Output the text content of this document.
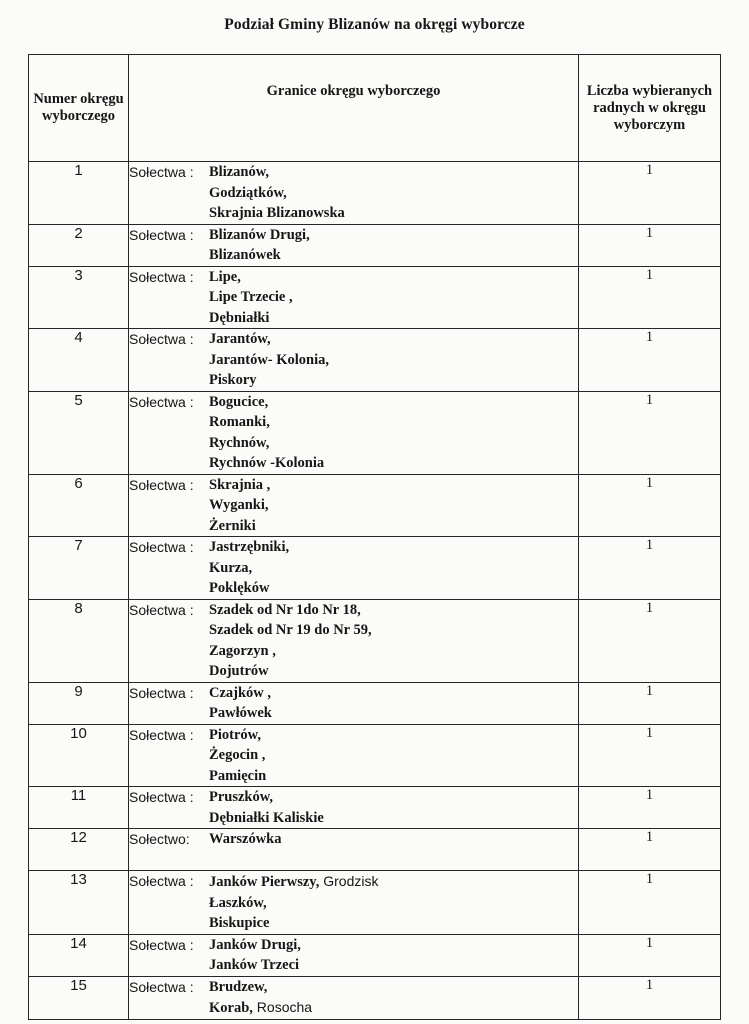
Podział Gminy Blizanów na okręgi wyborcze
Numer okręgu wyborczego	Granice okręgu wyborczego	Liczba wybieranych radnych w okręgu wyborczym
1	Sołectwa : Blizanów,
Godziątków,
Skrajnia Blizanowska	1
2	Sołectwa : Blizanów Drugi,
Blizanówek	1
3	Sołectwa : Lipe,
Lipe Trzecie ,
Dębniałki	1
4	Sołectwa : Jarantów,
Jarantów- Kolonia,
Piskory	1
5	Sołectwa : Bogucice,
Romanki,
Rychnów,
Rychnów -Kolonia	1
6	Sołectwa : Skrajnia ,
Wyganki,
Żerniki	1
7	Sołectwa : Jastrzębniki,
Kurza,
Poklęków	1
8	Sołectwa : Szadek od Nr 1do Nr 18,
Szadek od Nr 19 do Nr 59,
Zagorzyn ,
Dojutrów	1
9	Sołectwa : Czajków ,
Pawłówek	1
10	Sołectwa : Piotrów,
Żegocin ,
Pamięcin	1
11	Sołectwa : Pruszków,
Dębniałki Kaliskie	1
12	Sołectwo: Warszówka	1
13	Sołectwa : Janków Pierwszy, Grodzisk
Łaszków,
Biskupice	1
14	Sołectwa : Janków Drugi,
Janków Trzeci	1
15	Sołectwa : Brudzew,
Korab, Rosocha	1
